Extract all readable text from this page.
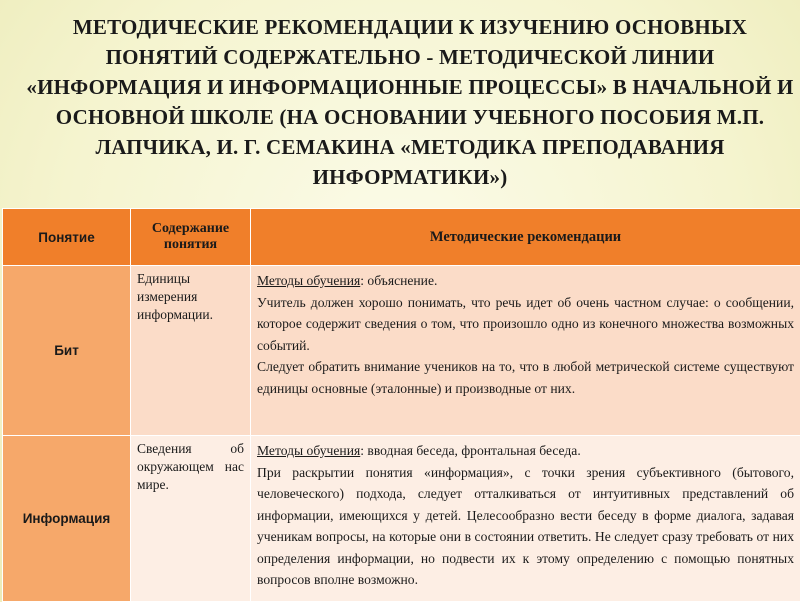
МЕТОДИЧЕСКИЕ РЕКОМЕНДАЦИИ К ИЗУЧЕНИЮ ОСНОВНЫХ ПОНЯТИЙ СОДЕРЖАТЕЛЬНО - МЕТОДИЧЕСКОЙ ЛИНИИ «ИНФОРМАЦИЯ И ИНФОРМАЦИОННЫЕ ПРОЦЕССЫ» В НАЧАЛЬНОЙ И ОСНОВНОЙ ШКОЛЕ (НА ОСНОВАНИИ УЧЕБНОГО ПОСОБИЯ М.П. ЛАПЧИКА, И. Г. СЕМАКИНА «МЕТОДИКА ПРЕПОДАВАНИЯ ИНФОРМАТИКИ»)
Понятие	Содержание понятия	Методические рекомендации
Бит	Единицы измерения информации.	Методы обучения: объяснение.

Учитель должен хорошо понимать, что речь идет об очень частном случае: о сообщении, которое содержит сведения о том, что произошло одно из конечного множества возможных событий.

Следует обратить внимание учеников на то, что в любой метрической системе существуют единицы основные (эталонные) и производные от них.

Информация	Сведения об окружающем нас мире.	Методы обучения: вводная беседа, фронтальная беседа.

При раскрытии понятия «информация», с точки зрения субъективного (бытового, человеческого) подхода, следует отталкиваться от интуитивных представлений об информации, имеющихся у детей. Целесообразно вести беседу в форме диалога, задавая ученикам вопросы, на которые они в состоянии ответить. Не следует сразу требовать от них определения информации, но подвести их к этому определению с помощью понятных вопросов вполне возможно.
